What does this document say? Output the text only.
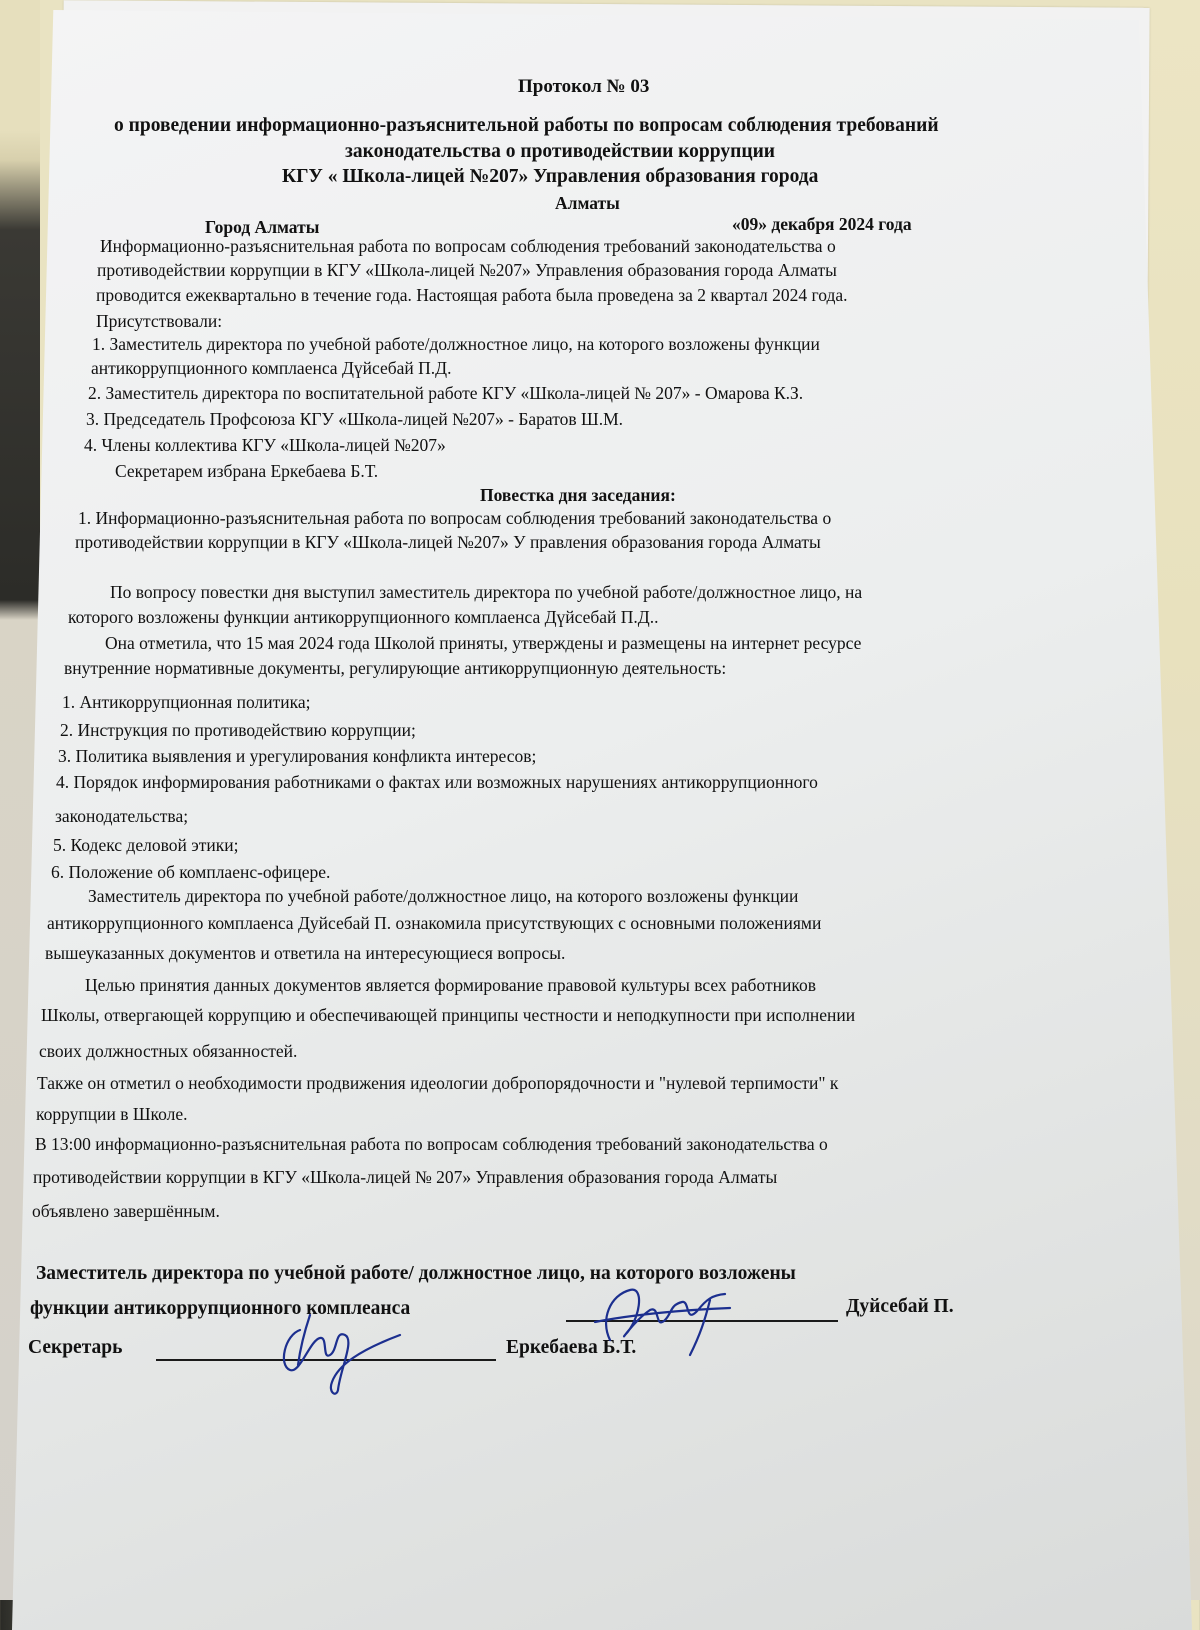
Протокол № 03
о проведении информационно-разъяснительной работы по вопросам соблюдения требований
законодательства о противодействии коррупции
КГУ « Школа-лицей №207» Управления образования города
Алматы
Город Алматы	«09» декабря 2024 года
Информационно-разъяснительная работа по вопросам соблюдения требований законодательства о
противодействии коррупции в КГУ «Школа-лицей №207» Управления образования города Алматы
проводится ежеквартально в течение года. Настоящая работа была проведена за 2 квартал 2024 года.
Присутствовали:
1. Заместитель директора по учебной работе/должностное лицо, на которого возложены функции
антикоррупционного комплаенса Дүйсебай П.Д.
2. Заместитель директора по воспитательной работе КГУ «Школа-лицей № 207» - Омарова К.З.
3. Председатель Профсоюза КГУ «Школа-лицей №207» - Баратов Ш.М.
4. Члены коллектива КГУ «Школа-лицей №207»
Секретарем избрана Еркебаева Б.Т.
Повестка дня заседания:
1. Информационно-разъяснительная работа по вопросам соблюдения требований законодательства о
противодействии коррупции в КГУ «Школа-лицей №207» У правления образования города Алматы
По вопросу повестки дня выступил заместитель директора по учебной работе/должностное лицо, на
которого возложены функции антикоррупционного комплаенса Дүйсебай П.Д..
Она отметила, что 15 мая 2024 года Школой приняты, утверждены и размещены на интернет ресурсе
внутренние нормативные документы, регулирующие антикоррупционную деятельность:
1. Антикоррупционная политика;
2. Инструкция по противодействию коррупции;
3. Политика выявления и урегулирования конфликта интересов;
4. Порядок информирования работниками о фактах или возможных нарушениях антикоррупционного
законодательства;
5. Кодекс деловой этики;
6. Положение об комплаенс-офицере.
Заместитель директора по учебной работе/должностное лицо, на которого возложены функции
антикоррупционного комплаенса Дуйсебай П. ознакомила присутствующих с основными положениями
вышеуказанных документов и ответила на интересующиеся вопросы.
Целью принятия данных документов является формирование правовой культуры всех работников
Школы, отвергающей коррупцию и обеспечивающей принципы честности и неподкупности при исполнении
своих должностных обязанностей.
Также он отметил о необходимости продвижения идеологии добропорядочности и "нулевой терпимости" к
коррупции в Школе.
В 13:00 информационно-разъяснительная работа по вопросам соблюдения требований законодательства о
противодействии коррупции в КГУ «Школа-лицей № 207» Управления образования города Алматы
объявлено завершённым.
Заместитель директора по учебной работе/ должностное лицо, на которого возложены
функции антикоррупционного комплеанса	Дуйсебай П.
Секретарь	Еркебаева Б.Т.
